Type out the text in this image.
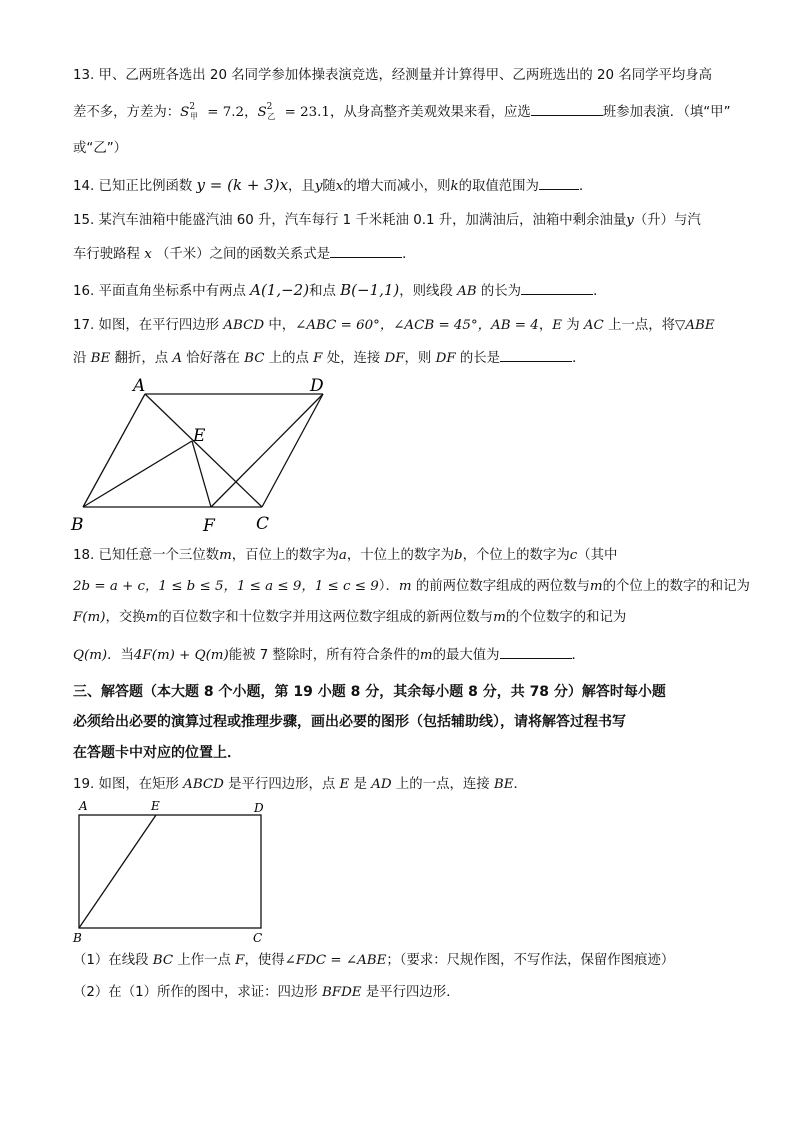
13. 甲、乙两班各选出 20 名同学参加体操表演竞选，经测量并计算得甲、乙两班选出的 20 名同学平均身高
差不多，方差为：$S^2_甲 = 7.2$，$S^2_乙 = 23.1$，从身高整齐美观效果来看，应选	班参加表演．（填“甲”
或“乙”）
14. 已知正比例函数 y = (k + 3)x，且y随x的增大而减小，则k的取值范围为	．
15. 某汽车油箱中能盛汽油 60 升，汽车每行 1 千米耗油 0.1 升，加满油后，油箱中剩余油量y（升）与汽
车行驶路程 x （千米）之间的函数关系式是	．
16. 平面直角坐标系中有两点 A(1,−2)和点 B(−1,1)，则线段 AB 的长为	．
17. 如图，在平行四边形 ABCD 中，∠ABC = 60°，∠ACB = 45°，AB = 4，E 为 AC 上一点，将▽ABE
沿 BE 翻折，点 A 恰好落在 BC 上的点 F 处，连接 DF，则 DF 的长是	．
A	D
E
B	F C
18. 已知任意一个三位数m，百位上的数字为a，十位上的数字为b，个位上的数字为c（其中
2b = a + c，1 ≤ b ≤ 5，1 ≤ a ≤ 9，1 ≤ c ≤ 9）．m 的前两位数字组成的两位数与m的个位上的数字的和记为
F(m)，交换m的百位数字和十位数字并用这两位数字组成的新两位数与m的个位数字的和记为
Q(m)．当4F(m) + Q(m)能被 7 整除时，所有符合条件的m的最大值为	．
三、解答题（本大题 8 个小题，第 19 小题 8 分，其余每小题 8 分，共 78 分）解答时每小题
必须给出必要的演算过程或推理步骤，画出必要的图形（包括辅助线），请将解答过程书写
在答题卡中对应的位置上．
19. 如图，在矩形 ABCD 是平行四边形，点 E 是 AD 上的一点，连接 BE．
A	E	D
B	C
（1）在线段 BC 上作一点 F，使得∠FDC = ∠ABE；（要求：尺规作图，不写作法，保留作图痕迹）
（2）在（1）所作的图中，求证：四边形 BFDE 是平行四边形．
